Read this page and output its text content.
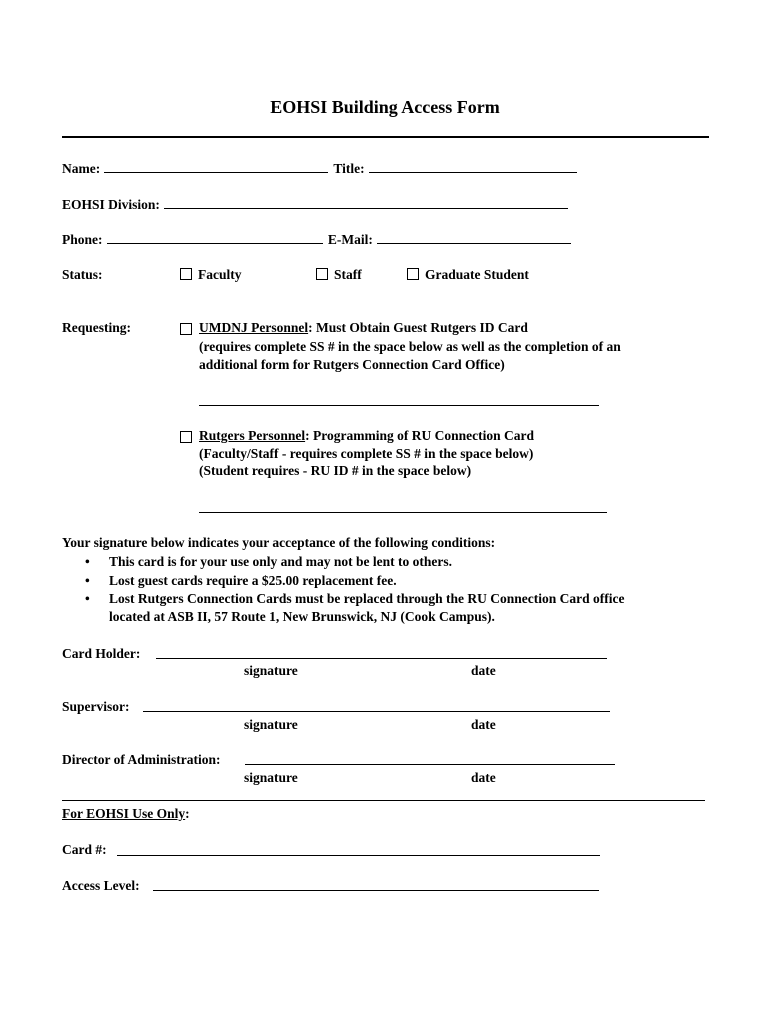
EOHSI Building Access Form
Name:	Title:
EOHSI Division:
Phone:	E-Mail:
Status:	Faculty	Staff	Graduate Student
Requesting:	UMDNJ Personnel: Must Obtain Guest Rutgers ID Card
(requires complete SS # in the space below as well as the completion of an
additional form for Rutgers Connection Card Office)
Rutgers Personnel: Programming of RU Connection Card
(Faculty/Staff - requires complete SS # in the space below)
(Student requires - RU ID # in the space below)
Your signature below indicates your acceptance of the following conditions:
• This card is for your use only and may not be lent to others.
• Lost guest cards require a $25.00 replacement fee.
• Lost Rutgers Connection Cards must be replaced through the RU Connection Card office
located at ASB II, 57 Route 1, New Brunswick, NJ (Cook Campus).
Card Holder:
signature	date
Supervisor:
signature	date
Director of Administration:
signature	date
For EOHSI Use Only:
Card #:
Access Level:
